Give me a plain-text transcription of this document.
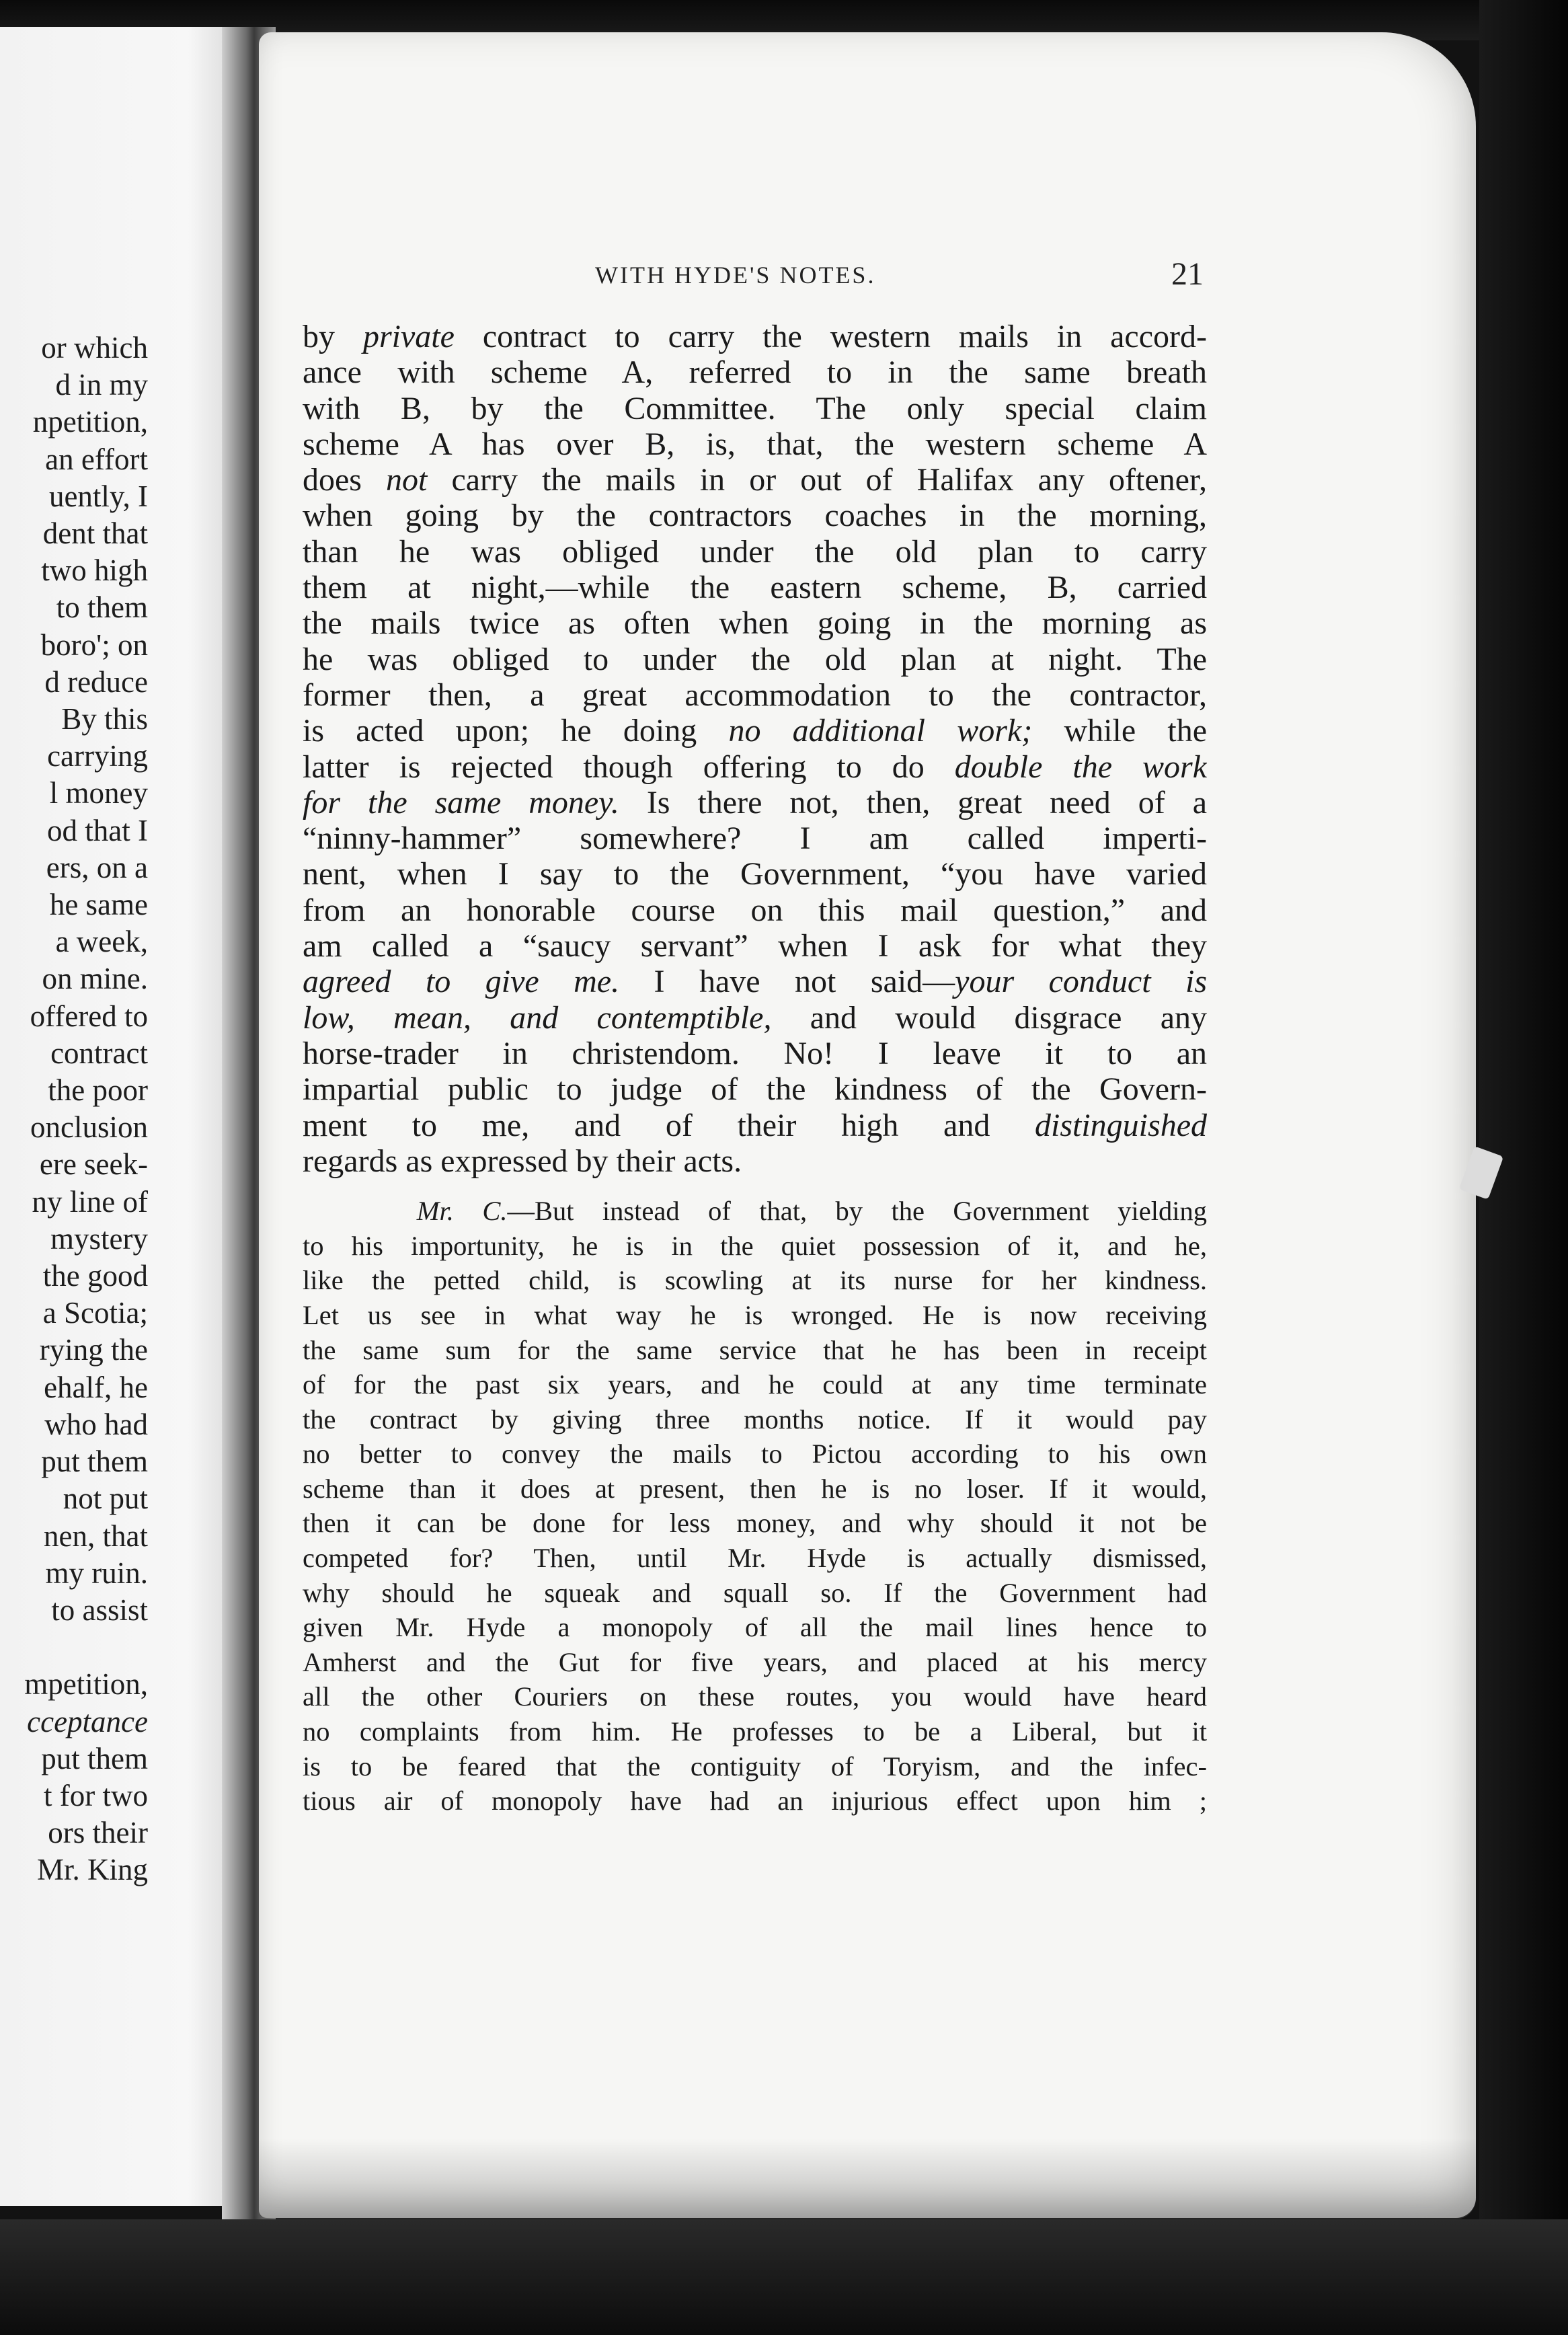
or which
d in my
npetition,
an effort
uently, I
dent that
two high
to them
boro'; on
d reduce
By this
carrying
l money
od that I
ers, on a
he same
a week,
on mine.
offered to
contract
the poor
onclusion
ere seek-
ny line of
mystery
the good
a Scotia;
rying the
ehalf, he
who had
put them
not put
nen, that
my ruin.
to assist

mpetition,
cceptance
put them
t for two
ors their
Mr. King
WITH HYDE'S NOTES.	21
by private contract to carry the western mails in accord-
ance with scheme A, referred to in the same breath
with B, by the Committee. The only special claim
scheme A has over B, is, that, the western scheme A
does not carry the mails in or out of Halifax any oftener,
when going by the contractors coaches in the morning,
than he was obliged under the old plan to carry
them at night,—while the eastern scheme, B, carried
the mails twice as often when going in the morning as
he was obliged to under the old plan at night. The
former then, a great accommodation to the contractor,
is acted upon; he doing no additional work; while the
latter is rejected though offering to do double the work
for the same money. Is there not, then, great need of a
“ninny-hammer” somewhere? I am called imperti-
nent, when I say to the Government, “you have varied
from an honorable course on this mail question,” and
am called a “saucy servant” when I ask for what they
agreed to give me. I have not said—your conduct is
low, mean, and contemptible, and would disgrace any
horse-trader in christendom. No! I leave it to an
impartial public to judge of the kindness of the Govern-
ment to me, and of their high and distinguished
regards as expressed by their acts.
Mr. C.—But instead of that, by the Government yielding
to his importunity, he is in the quiet possession of it, and he,
like the petted child, is scowling at its nurse for her kindness.
Let us see in what way he is wronged. He is now receiving
the same sum for the same service that he has been in receipt
of for the past six years, and he could at any time terminate
the contract by giving three months notice. If it would pay
no better to convey the mails to Pictou according to his own
scheme than it does at present, then he is no loser. If it would,
then it can be done for less money, and why should it not be
competed for? Then, until Mr. Hyde is actually dismissed,
why should he squeak and squall so. If the Government had
given Mr. Hyde a monopoly of all the mail lines hence to
Amherst and the Gut for five years, and placed at his mercy
all the other Couriers on these routes, you would have heard
no complaints from him. He professes to be a Liberal, but it
is to be feared that the contiguity of Toryism, and the infec-
tious air of monopoly have had an injurious effect upon him ;
